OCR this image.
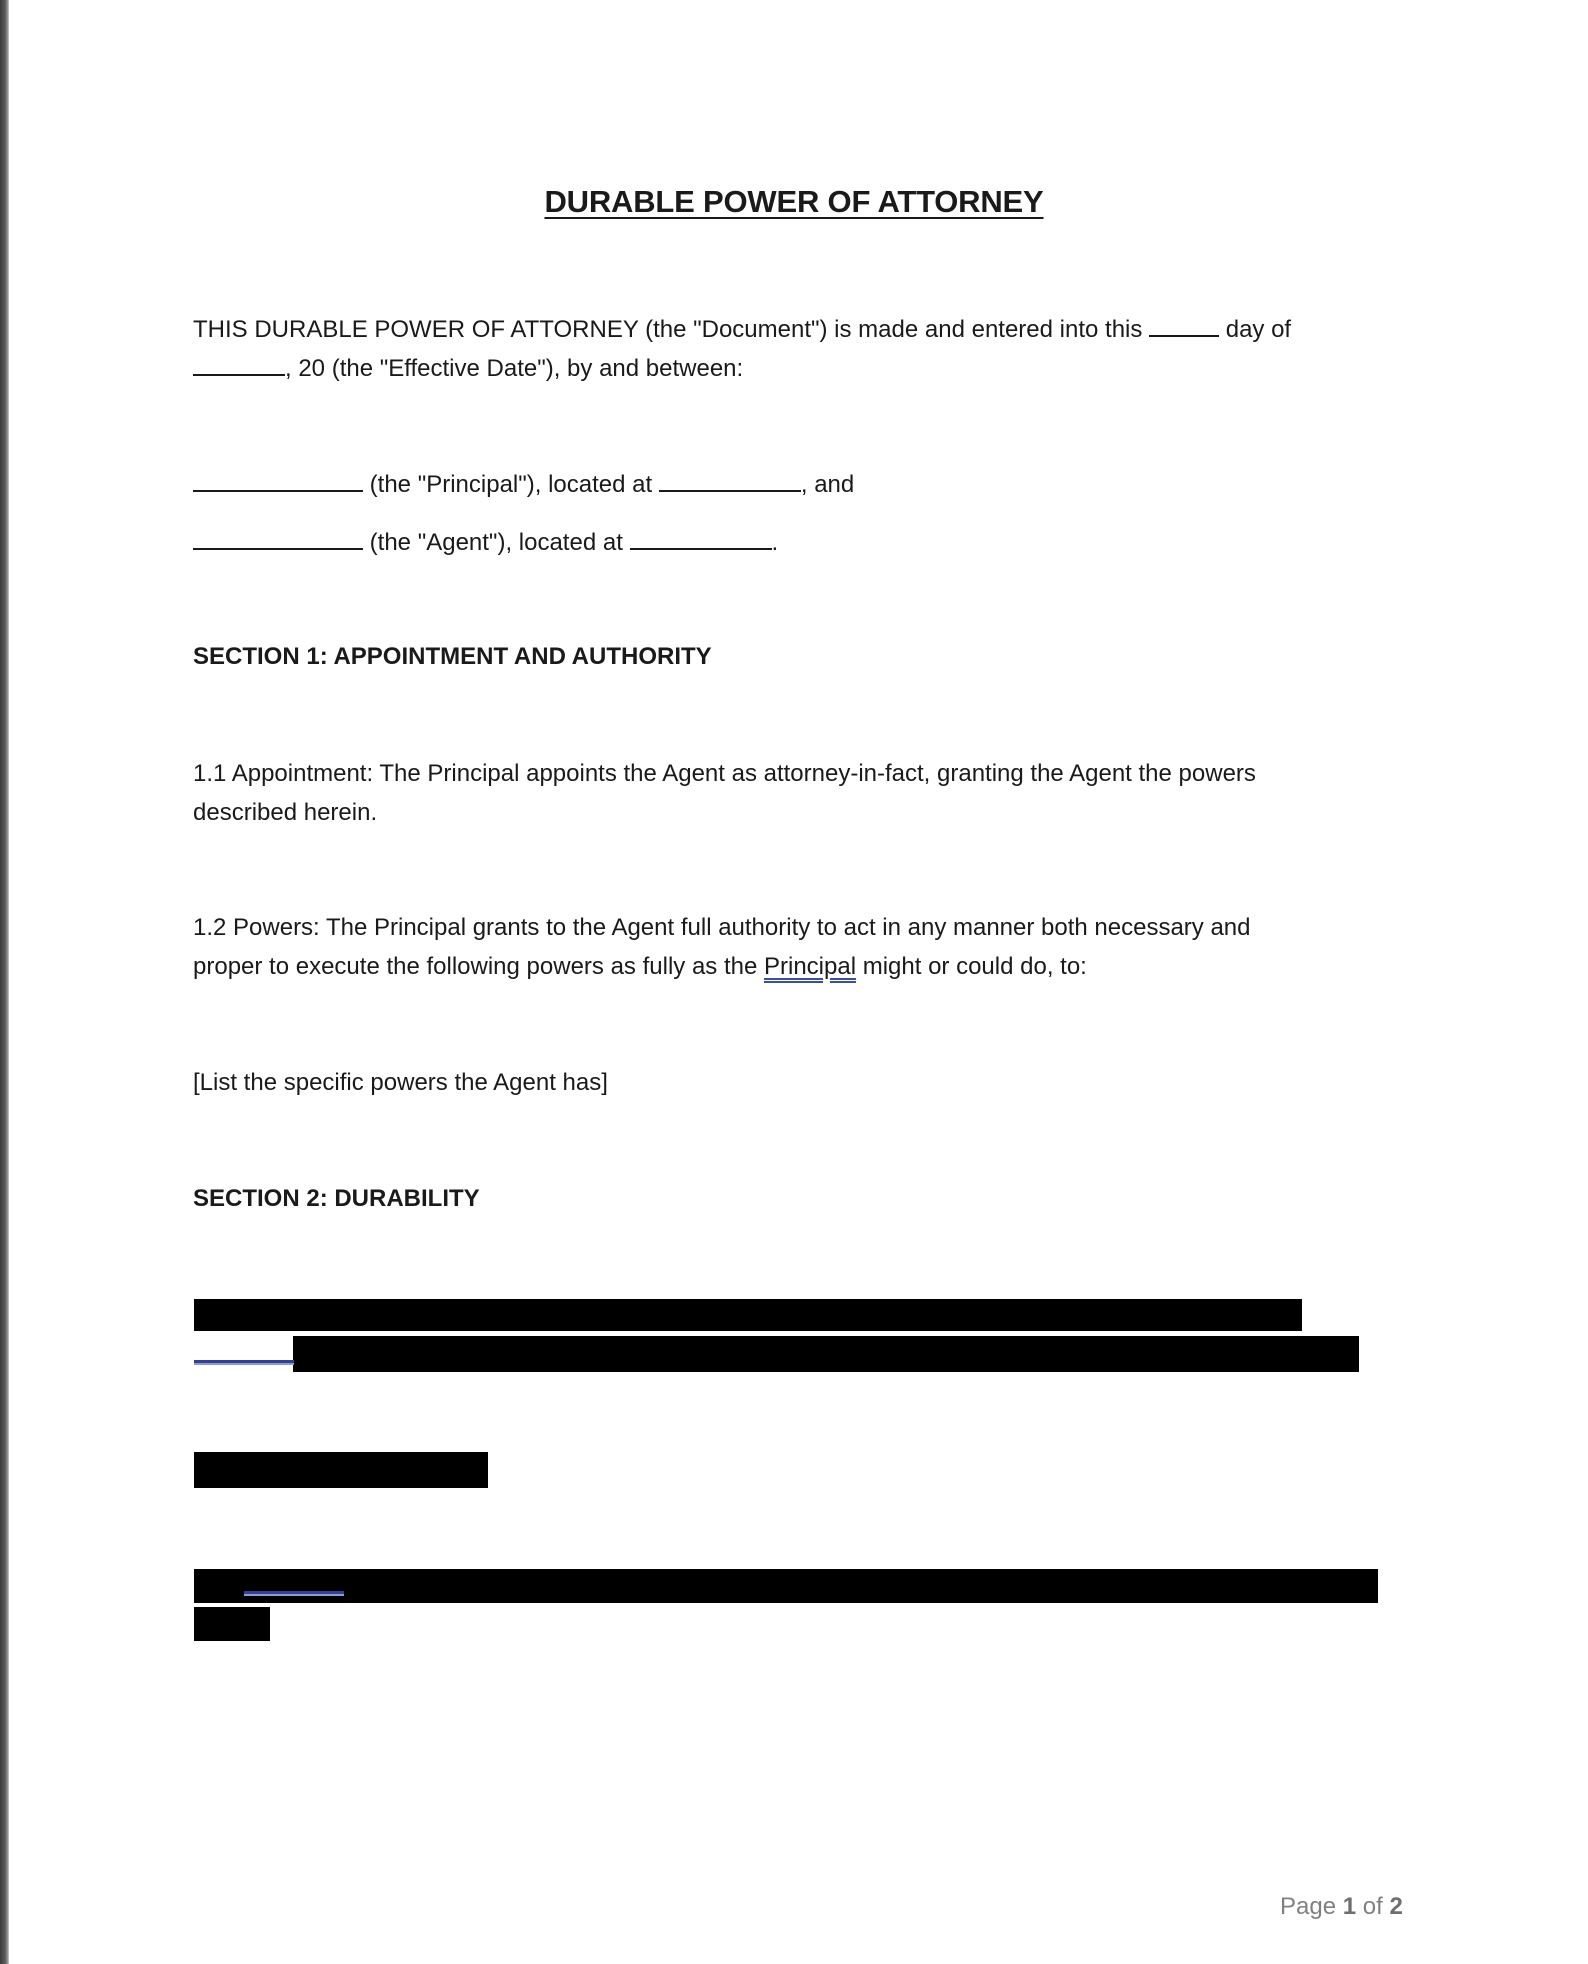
DURABLE POWER OF ATTORNEY
THIS DURABLE POWER OF ATTORNEY (the "Document") is made and entered into this	day of
, 20 (the "Effective Date"), by and between:
(the "Principal"), located at	, and
(the "Agent"), located at	.
SECTION 1: APPOINTMENT AND AUTHORITY
1.1 Appointment: The Principal appoints the Agent as attorney-in-fact, granting the Agent the powers
described herein.
1.2 Powers: The Principal grants to the Agent full authority to act in any manner both necessary and
proper to execute the following powers as fully as the Principal might or could do, to:
[List the specific powers the Agent has]
SECTION 2: DURABILITY
Page 1 of 2
